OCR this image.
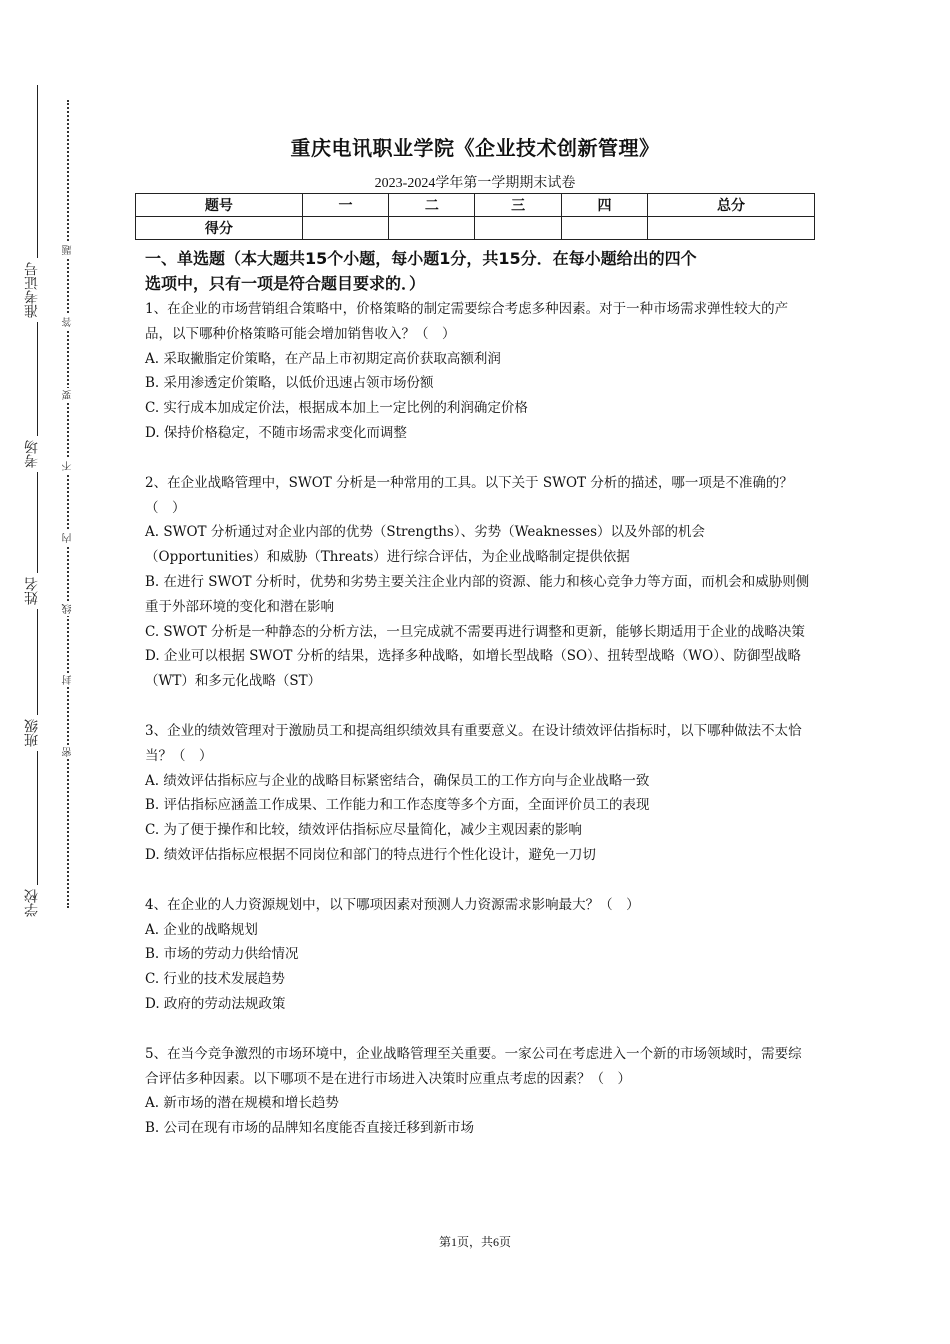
准考证号
考场
姓名
班级
学校
题
答
要
不
内
线
封
密
重庆电讯职业学院《企业技术创新管理》
2023-2024学年第一学期期末试卷
题号	一	二	三	四	总分
得分					
一、单选题（本大题共15个小题，每小题1分，共15分．在每小题给出的四个
选项中，只有一项是符合题目要求的．）

1、在企业的市场营销组合策略中，价格策略的制定需要综合考虑多种因素。对于一种市场需求弹性较大的产品，以下哪种价格策略可能会增加销售收入？（　）

A. 采取撇脂定价策略，在产品上市初期定高价获取高额利润

B. 采用渗透定价策略，以低价迅速占领市场份额

C. 实行成本加成定价法，根据成本加上一定比例的利润确定价格

D. 保持价格稳定，不随市场需求变化而调整

2、在企业战略管理中，SWOT 分析是一种常用的工具。以下关于 SWOT 分析的描述，哪一项是不准确的？（　）

A. SWOT 分析通过对企业内部的优势（Strengths）、劣势（Weaknesses）以及外部的机会（Opportunities）和威胁（Threats）进行综合评估，为企业战略制定提供依据

B. 在进行 SWOT 分析时，优势和劣势主要关注企业内部的资源、能力和核心竞争力等方面，而机会和威胁则侧重于外部环境的变化和潜在影响

C. SWOT 分析是一种静态的分析方法，一旦完成就不需要再进行调整和更新，能够长期适用于企业的战略决策

D. 企业可以根据 SWOT 分析的结果，选择多种战略，如增长型战略（SO）、扭转型战略（WO）、防御型战略（WT）和多元化战略（ST）

3、企业的绩效管理对于激励员工和提高组织绩效具有重要意义。在设计绩效评估指标时，以下哪种做法不太恰当？（　）

A. 绩效评估指标应与企业的战略目标紧密结合，确保员工的工作方向与企业战略一致

B. 评估指标应涵盖工作成果、工作能力和工作态度等多个方面，全面评价员工的表现

C. 为了便于操作和比较，绩效评估指标应尽量简化，减少主观因素的影响

D. 绩效评估指标应根据不同岗位和部门的特点进行个性化设计，避免一刀切

4、在企业的人力资源规划中，以下哪项因素对预测人力资源需求影响最大？（　）

A. 企业的战略规划

B. 市场的劳动力供给情况

C. 行业的技术发展趋势

D. 政府的劳动法规政策

5、在当今竞争激烈的市场环境中，企业战略管理至关重要。一家公司在考虑进入一个新的市场领域时，需要综合评估多种因素。以下哪项不是在进行市场进入决策时应重点考虑的因素？（　）

A. 新市场的潜在规模和增长趋势

B. 公司在现有市场的品牌知名度能否直接迁移到新市场

第1页，共6页
